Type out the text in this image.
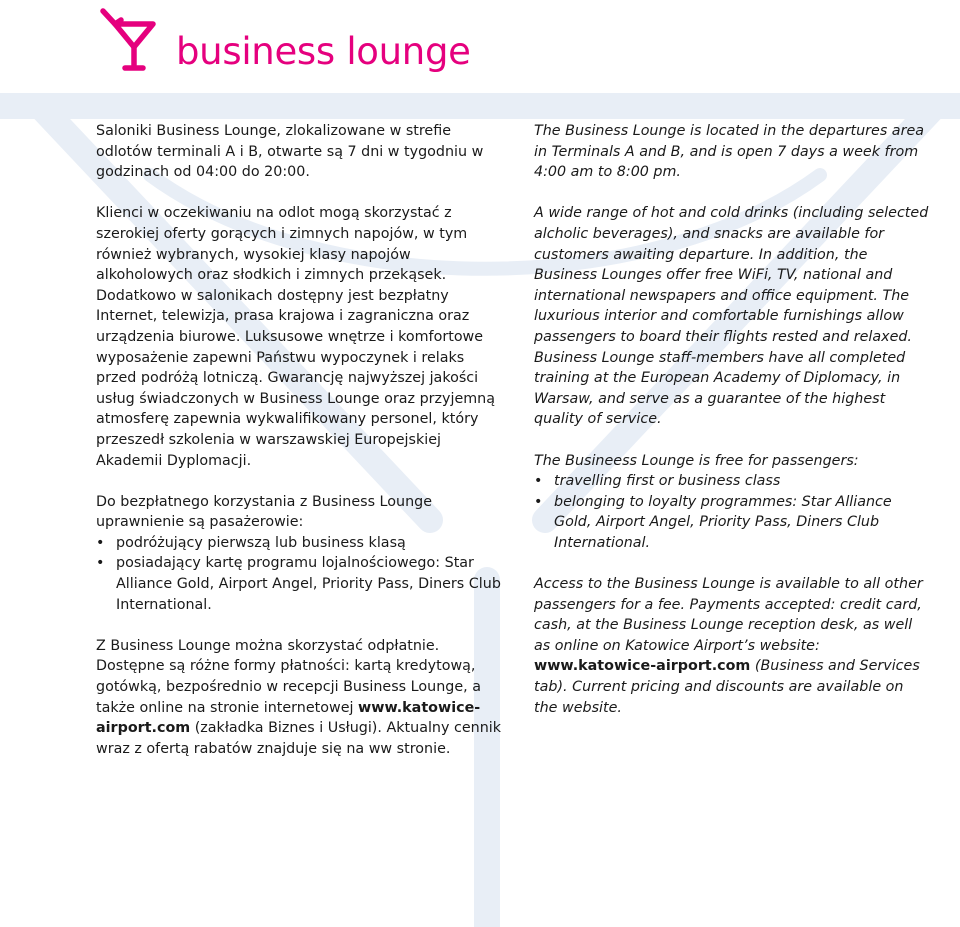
business lounge

Saloniki Business Lounge, zlokalizowane w strefie odlotów terminali A i B, otwarte są 7 dni w tygodniu w godzinach od 04:00 do 20:00.

Klienci w oczekiwaniu na odlot mogą skorzystać z szerokiej oferty gorących i zimnych napojów, w tym również wybranych, wysokiej klasy napojów alkoholowych oraz słodkich i zimnych przekąsek. Dodatkowo w salonikach dostępny jest bezpłatny Internet, telewizja, prasa krajowa i zagraniczna oraz urządzenia biurowe. Luksusowe wnętrze i komfortowe wyposażenie zapewni Państwu wypoczynek i relaks przed podróżą lotniczą. Gwarancję najwyższej jakości usług świadczonych w Business Lounge oraz przyjemną atmosferę zapewnia wykwalifikowany personel, który przeszedł szkolenia w warszawskiej Europejskiej Akademii Dyplomacji.

Do bezpłatnego korzystania z Business Lounge uprawnienie są pasażerowie:

• podróżujący pierwszą lub business klasą
• posiadający kartę programu lojalnościowego: Star Alliance Gold, Airport Angel, Priority Pass, Diners Club International.

Z Business Lounge można skorzystać odpłatnie. Dostępne są różne formy płatności: kartą kredytową, gotówką, bezpośrednio w recepcji Business Lounge, a także online na stronie internetowej www.katowice-airport.com (zakładka Biznes i Usługi). Aktualny cennik wraz z ofertą rabatów znajduje się na ww stronie.

The Business Lounge is located in the departures area in Terminals A and B, and is open 7 days a week from 4:00 am to 8:00 pm.

A wide range of hot and cold drinks (including selected alcholic beverages), and snacks are available for customers awaiting departure. In addition, the Business Lounges offer free WiFi, TV, national and international newspapers and office equipment. The luxurious interior and comfortable furnishings allow passengers to board their flights rested and relaxed. Business Lounge staff-members have all completed training at the European Academy of Diplomacy, in Warsaw, and serve as a guarantee of the highest quality of service.

The Busineess Lounge is free for passengers:

• travelling first or business class
• belonging to loyalty programmes: Star Alliance Gold, Airport Angel, Priority Pass, Diners Club International.

Access to the Business Lounge is available to all other passengers for a fee. Payments accepted: credit card, cash, at the Business Lounge reception desk, as well as online on Katowice Airport’s website: www.katowice-airport.com (Business and Services tab). Current pricing and discounts are available on the website.
